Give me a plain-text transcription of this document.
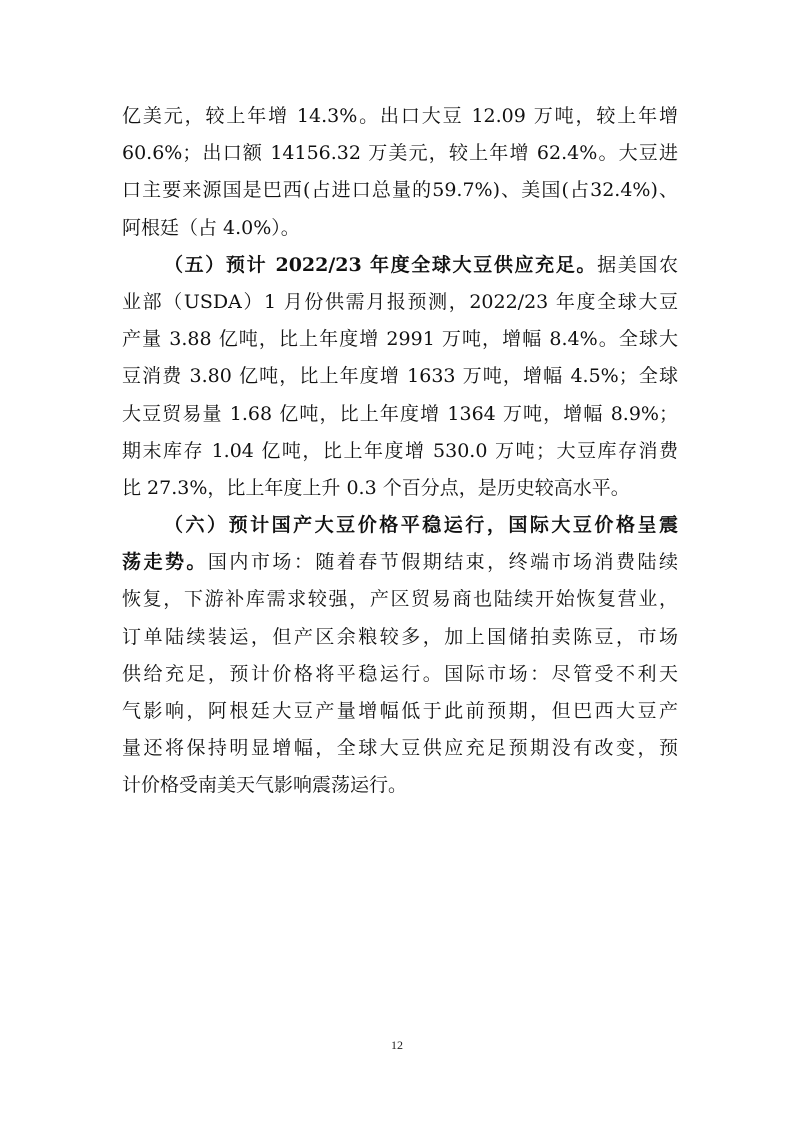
亿美元，较上年增 14.3%。出口大豆 12.09 万吨，较上年增
60.6%；出口额 14156.32 万美元，较上年增 62.4%。大豆进
口主要来源国是巴西(占进口总量的59.7%)、美国(占32.4%)、
阿根廷（占 4.0%）。
（五）预计 2022/23 年度全球大豆供应充足。据美国农
业部（USDA）1 月份供需月报预测，2022/23 年度全球大豆
产量 3.88 亿吨，比上年度增 2991 万吨，增幅 8.4%。全球大
豆消费 3.80 亿吨，比上年度增 1633 万吨，增幅 4.5%；全球
大豆贸易量 1.68 亿吨，比上年度增 1364 万吨，增幅 8.9%；
期末库存 1.04 亿吨，比上年度增 530.0 万吨；大豆库存消费
比 27.3%，比上年度上升 0.3 个百分点，是历史较高水平。
（六）预计国产大豆价格平稳运行，国际大豆价格呈震
荡走势。国内市场：随着春节假期结束，终端市场消费陆续
恢复，下游补库需求较强，产区贸易商也陆续开始恢复营业，
订单陆续装运，但产区余粮较多，加上国储拍卖陈豆，市场
供给充足，预计价格将平稳运行。国际市场：尽管受不利天
气影响，阿根廷大豆产量增幅低于此前预期，但巴西大豆产
量还将保持明显增幅，全球大豆供应充足预期没有改变，预
计价格受南美天气影响震荡运行。
12
